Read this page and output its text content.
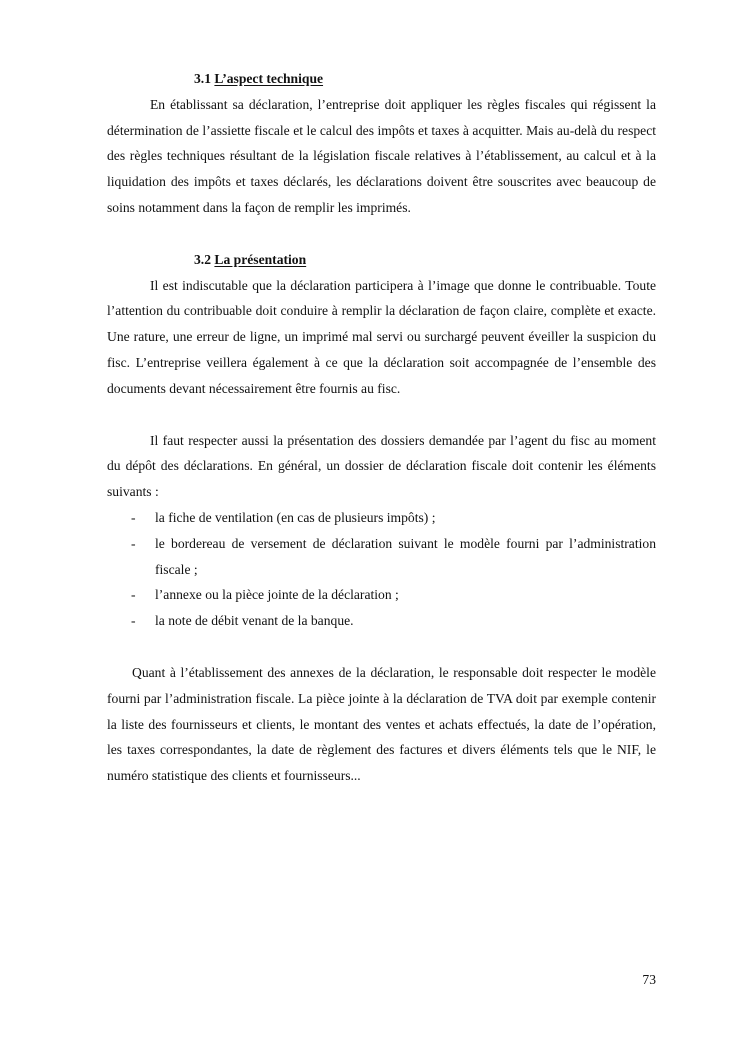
3.1 L’aspect technique

En établissant sa déclaration, l’entreprise doit appliquer les règles fiscales qui régissent la détermination de l’assiette fiscale et le calcul des impôts et taxes à acquitter. Mais au-delà du respect des règles techniques résultant de la législation fiscale relatives à l’établissement, au calcul et à la liquidation des impôts et taxes déclarés, les déclarations doivent être souscrites avec beaucoup de soins notamment dans la façon de remplir les imprimés.

3.2 La présentation

Il est indiscutable que la déclaration participera à l’image que donne le contribuable. Toute l’attention du contribuable doit conduire à remplir la déclaration de façon claire, complète et exacte. Une rature, une erreur de ligne, un imprimé mal servi ou surchargé peuvent éveiller la suspicion du fisc. L’entreprise veillera également à ce que la déclaration soit accompagnée de l’ensemble des documents devant nécessairement être fournis au fisc.

Il faut respecter aussi la présentation des dossiers demandée par l’agent du fisc au moment du dépôt des déclarations. En général, un dossier de déclaration fiscale doit contenir les éléments suivants :

- la fiche de ventilation (en cas de plusieurs impôts) ;
- le bordereau de versement de déclaration suivant le modèle fourni par l’administration fiscale ;
- l’annexe ou la pièce jointe de la déclaration ;
- la note de débit venant de la banque.

Quant à l’établissement des annexes de la déclaration, le responsable doit respecter le modèle fourni par l’administration fiscale. La pièce jointe à la déclaration de TVA doit par exemple contenir la liste des fournisseurs et clients, le montant des ventes et achats effectués, la date de l’opération, les taxes correspondantes, la date de règlement des factures et divers éléments tels que le NIF, le numéro statistique des clients et fournisseurs...

73
